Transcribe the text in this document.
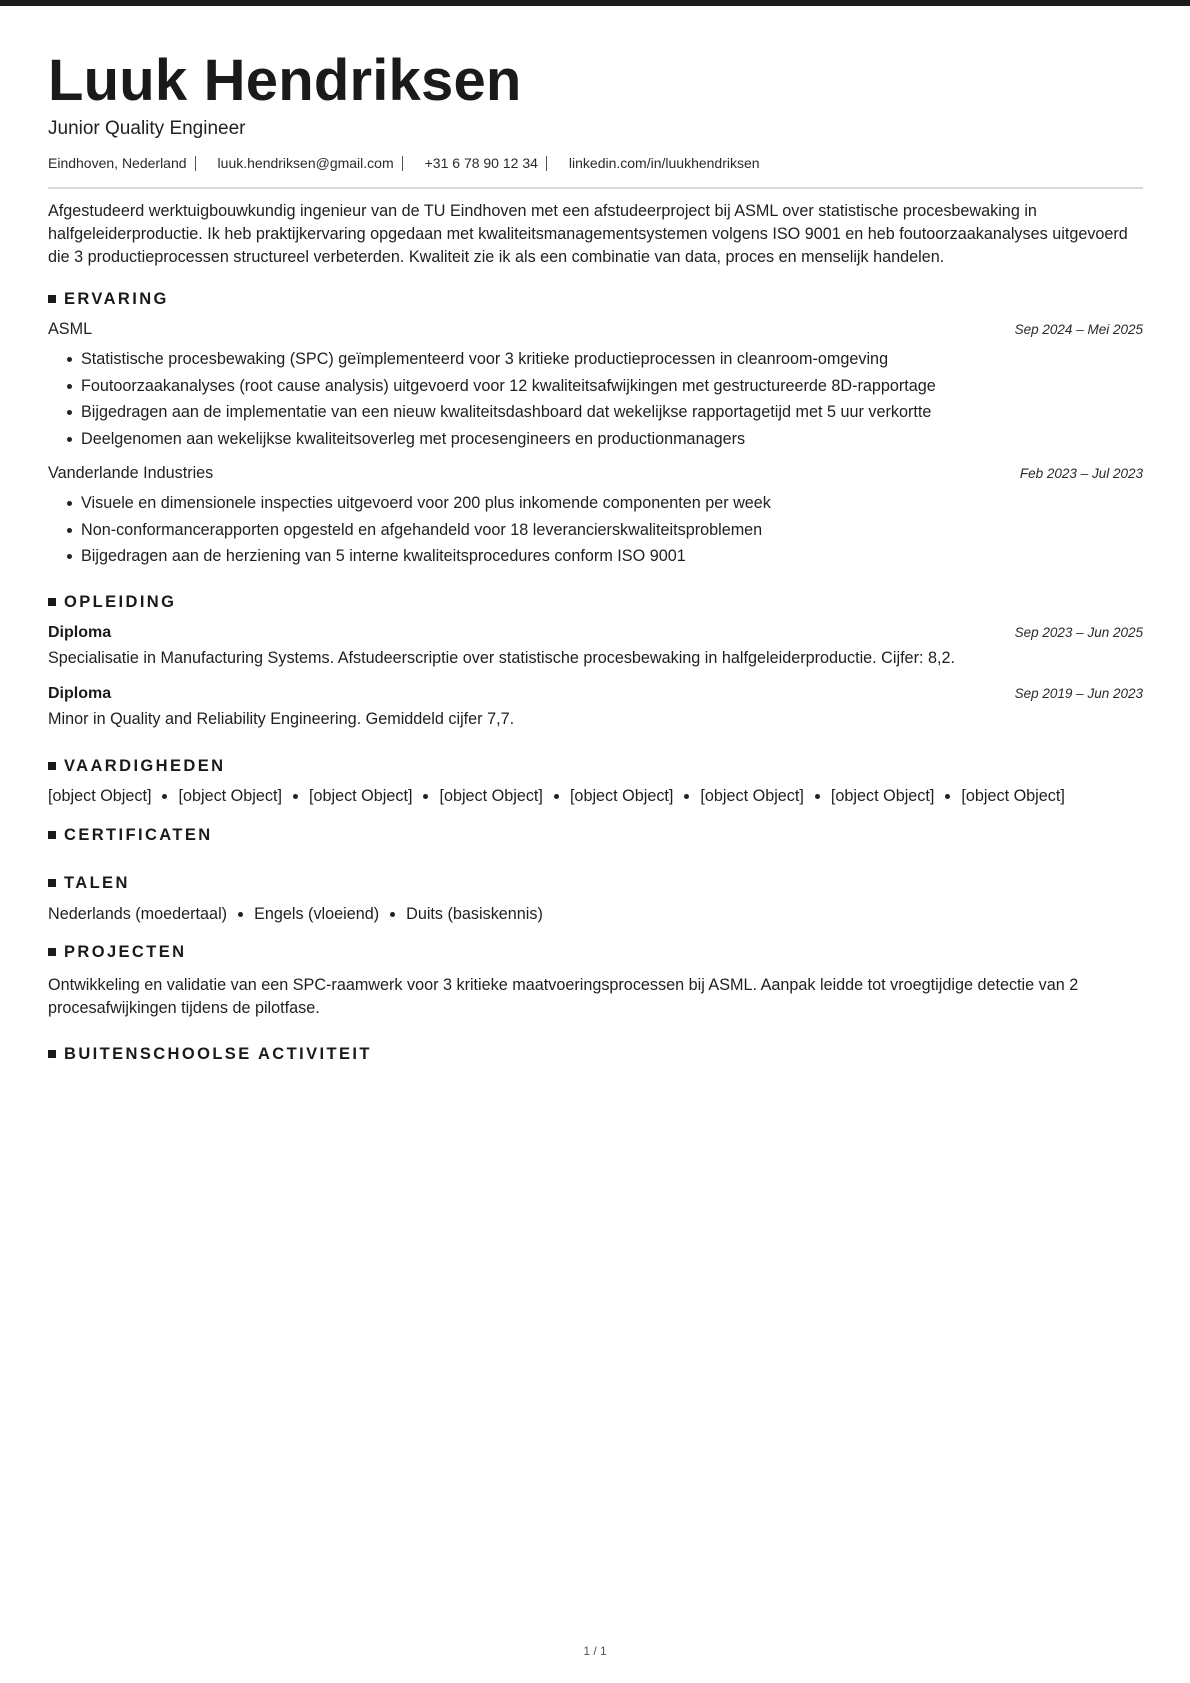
Luuk Hendriksen
Junior Quality Engineer
Eindhoven, Nederland luuk.hendriksen@gmail.com +31 6 78 90 12 34 linkedin.com/in/luukhendriksen
Afgestudeerd werktuigbouwkundig ingenieur van de TU Eindhoven met een afstudeerproject bij ASML over statistische procesbewaking in halfgeleiderproductie. Ik heb praktijkervaring opgedaan met kwaliteitsmanagementsystemen volgens ISO 9001 en heb foutoorzaakanalyses uitgevoerd die 3 productieprocessen structureel verbeterden. Kwaliteit zie ik als een combinatie van data, proces en menselijk handelen.
ERVARING
ASML	Sep 2024 – Mei 2025
Statistische procesbewaking (SPC) geïmplementeerd voor 3 kritieke productieprocessen in cleanroom-omgeving
Foutoorzaakanalyses (root cause analysis) uitgevoerd voor 12 kwaliteitsafwijkingen met gestructureerde 8D-rapportage
Bijgedragen aan de implementatie van een nieuw kwaliteitsdashboard dat wekelijkse rapportagetijd met 5 uur verkortte
Deelgenomen aan wekelijkse kwaliteitsoverleg met procesengineers en productionmanagers
Vanderlande Industries	Feb 2023 – Jul 2023
Visuele en dimensionele inspecties uitgevoerd voor 200 plus inkomende componenten per week
Non-conformancerapporten opgesteld en afgehandeld voor 18 leverancierskwaliteitsproblemen
Bijgedragen aan de herziening van 5 interne kwaliteitsprocedures conform ISO 9001
OPLEIDING
Diploma	Sep 2023 – Jun 2025
Specialisatie in Manufacturing Systems. Afstudeerscriptie over statistische procesbewaking in halfgeleiderproductie. Cijfer: 8,2.
Diploma	Sep 2019 – Jun 2023
Minor in Quality and Reliability Engineering. Gemiddeld cijfer 7,7.
VAARDIGHEDEN
[object Object] [object Object] [object Object] [object Object] [object Object] [object Object] [object Object] [object Object]
CERTIFICATEN
TALEN
Nederlands (moedertaal) Engels (vloeiend) Duits (basiskennis)
PROJECTEN
Ontwikkeling en validatie van een SPC-raamwerk voor 3 kritieke maatvoeringsprocessen bij ASML. Aanpak leidde tot vroegtijdige detectie van 2 procesafwijkingen tijdens de pilotfase.
BUITENSCHOOLSE ACTIVITEIT
1 / 1
